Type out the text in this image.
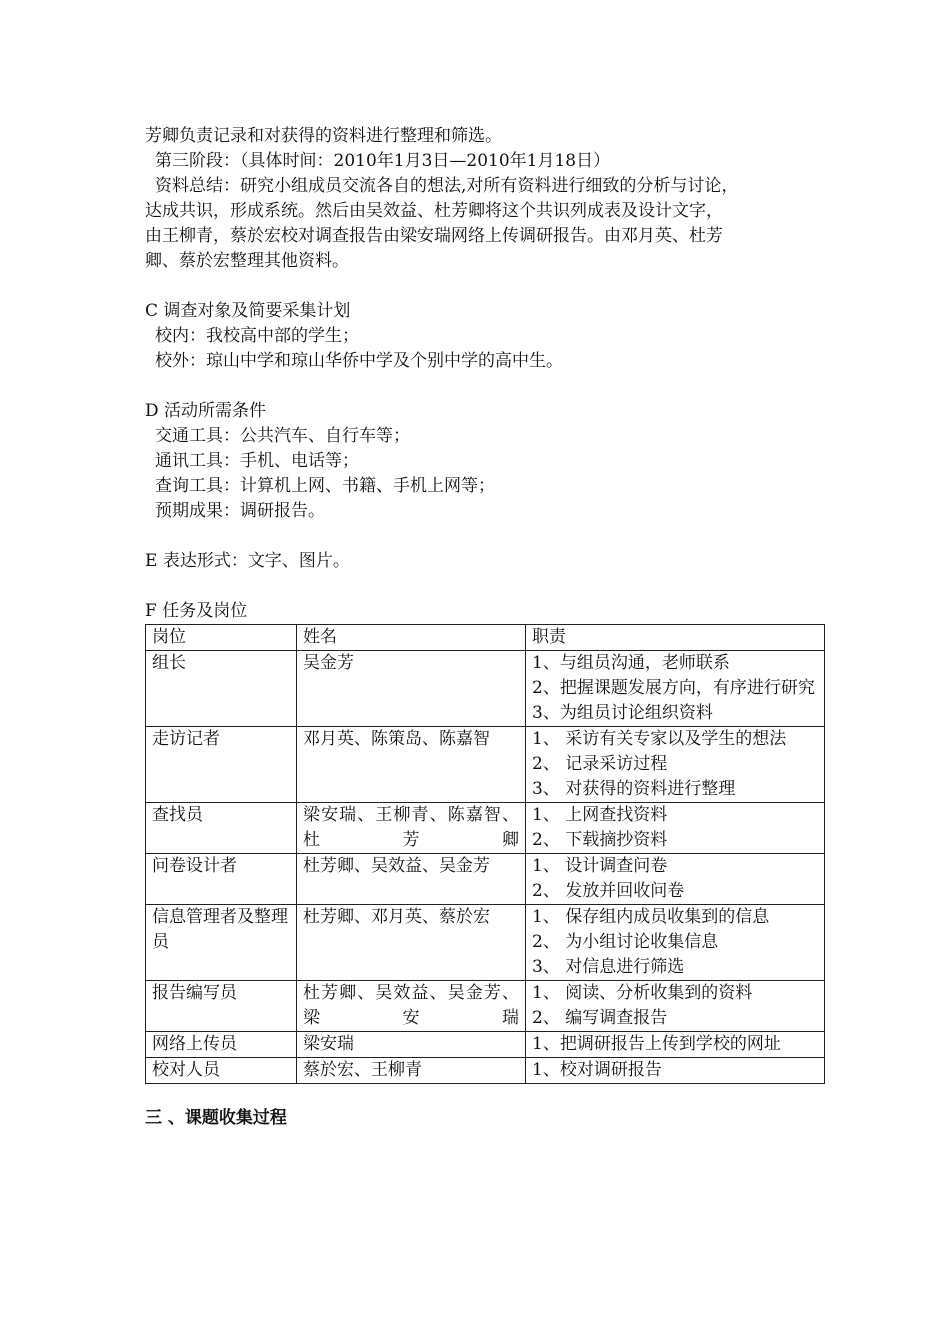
芳卿负责记录和对获得的资料进行整理和筛选。
第三阶段：（具体时间：2010年1月3日—2010年1月18日）
资料总结：研究小组成员交流各自的想法,对所有资料进行细致的分析与讨论，
达成共识，形成系统。然后由吴效益、杜芳卿将这个共识列成表及设计文字，
由王柳青，蔡於宏校对调查报告由梁安瑞网络上传调研报告。由邓月英、杜芳
卿、蔡於宏整理其他资料。
C 调查对象及简要采集计划
校内：我校高中部的学生；
校外：琼山中学和琼山华侨中学及个别中学的高中生。
D 活动所需条件
交通工具：公共汽车、自行车等；
通讯工具：手机、电话等；
查询工具：计算机上网、书籍、手机上网等；
预期成果：调研报告。
E 表达形式：文字、图片。
F 任务及岗位
岗位	姓名	职责
组长	吴金芳	1、与组员沟通，老师联系
2、把握课题发展方向，有序进行研究
3、为组员讨论组织资料

走访记者	邓月英、陈策岛、陈嘉智	1、 采访有关专家以及学生的想法
2、 记录采访过程
3、 对获得的资料进行整理

查找员	梁安瑞、王柳青、陈嘉智、杜芳卿	1、 上网查找资料
2、 下载摘抄资料

问卷设计者	杜芳卿、吴效益、吴金芳	1、 设计调查问卷
2、 发放并回收问卷

信息管理者及整理员	杜芳卿、邓月英、蔡於宏	1、 保存组内成员收集到的信息
2、 为小组讨论收集信息
3、 对信息进行筛选

报告编写员	杜芳卿、吴效益、吴金芳、梁安瑞	1、 阅读、分析收集到的资料
2、 编写调查报告

网络上传员	梁安瑞	1、把调研报告上传到学校的网址

校对人员	蔡於宏、王柳青	1、校对调研报告
三 、课题收集过程
